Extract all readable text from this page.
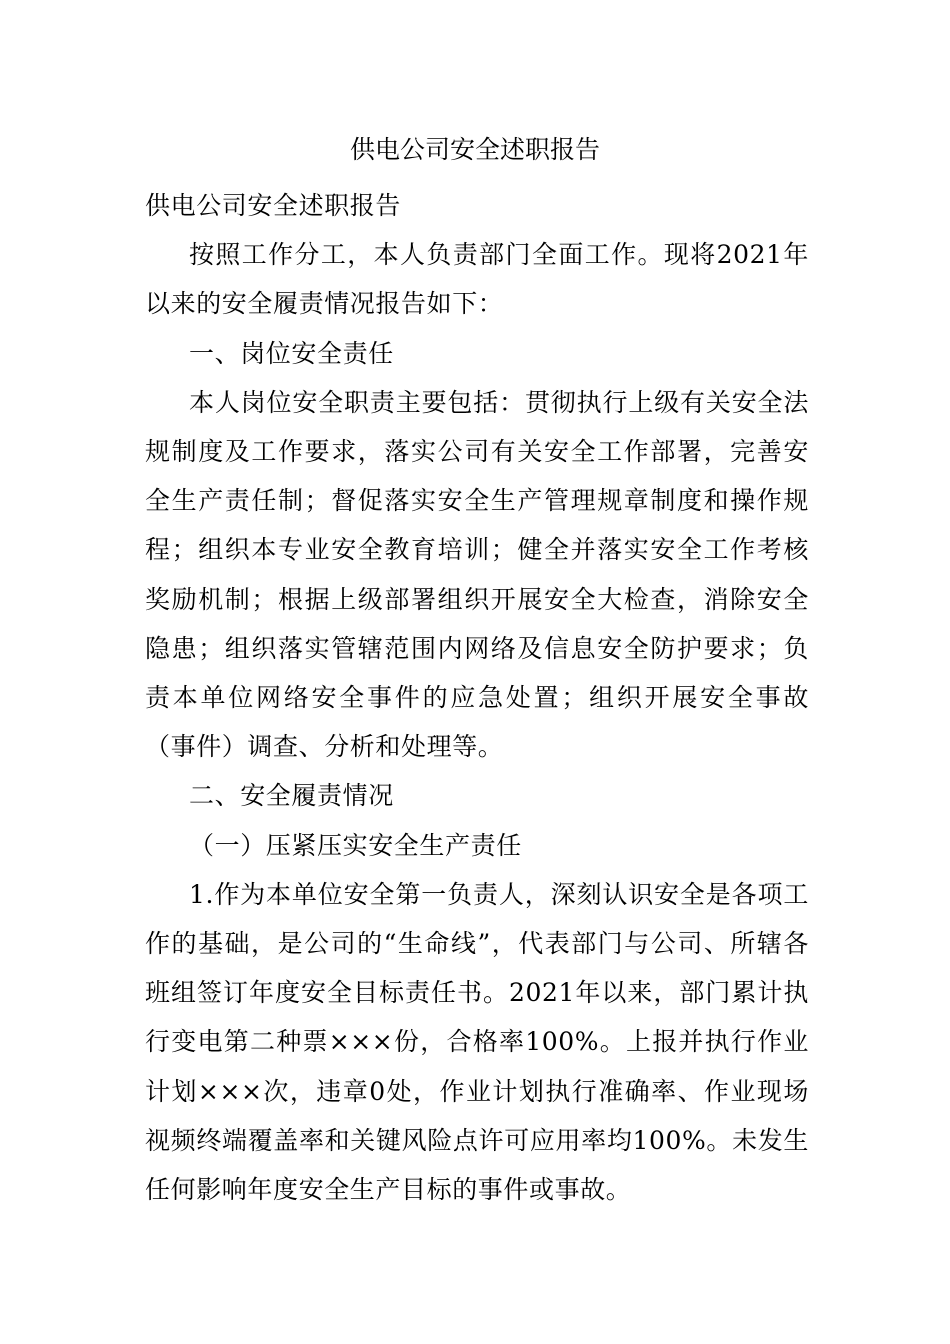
供电公司安全述职报告

供电公司安全述职报告

按照工作分工，本人负责部门全面工作。现将2021年以来的安全履责情况报告如下：

一、岗位安全责任

本人岗位安全职责主要包括：贯彻执行上级有关安全法规制度及工作要求，落实公司有关安全工作部署，完善安全生产责任制；督促落实安全生产管理规章制度和操作规程；组织本专业安全教育培训；健全并落实安全工作考核奖励机制；根据上级部署组织开展安全大检查，消除安全隐患；组织落实管辖范围内网络及信息安全防护要求；负责本单位网络安全事件的应急处置；组织开展安全事故（事件）调查、分析和处理等。

二、安全履责情况

（一）压紧压实安全生产责任

1.作为本单位安全第一负责人，深刻认识安全是各项工作的基础，是公司的“生命线”，代表部门与公司、所辖各班组签订年度安全目标责任书。2021年以来，部门累计执行变电第二种票×××份，合格率100%。上报并执行作业计划×××次，违章0处，作业计划执行准确率、作业现场视频终端覆盖率和关键风险点许可应用率均100%。未发生任何影响年度安全生产目标的事件或事故。
